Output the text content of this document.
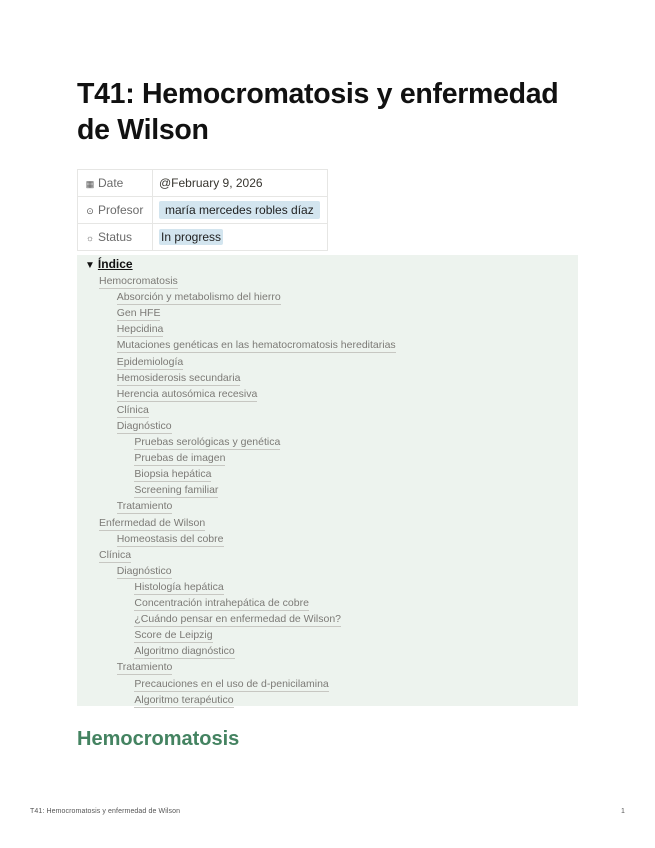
T41: Hemocromatosis y enfermedad de Wilson
▦ Date	@February 9, 2026
⊙ Profesor	maría mercedes robles díaz
☼ Status	In progress
▼ Índice
Hemocromatosis
Absorción y metabolismo del hierro
Gen HFE
Hepcidina
Mutaciones genéticas en las hematocromatosis hereditarias
Epidemiología
Hemosiderosis secundaria
Herencia autosómica recesiva
Clínica
Diagnóstico
Pruebas serológicas y genética
Pruebas de imagen
Biopsia hepática
Screening familiar
Tratamiento
Enfermedad de Wilson
Homeostasis del cobre
Clínica
Diagnóstico
Histología hepática
Concentración intrahepática de cobre
¿Cuándo pensar en enfermedad de Wilson?
Score de Leipzig
Algoritmo diagnóstico
Tratamiento
Precauciones en el uso de d-penicilamina
Algoritmo terapéutico
Hemocromatosis
T41: Hemocromatosis y enfermedad de Wilson	1
